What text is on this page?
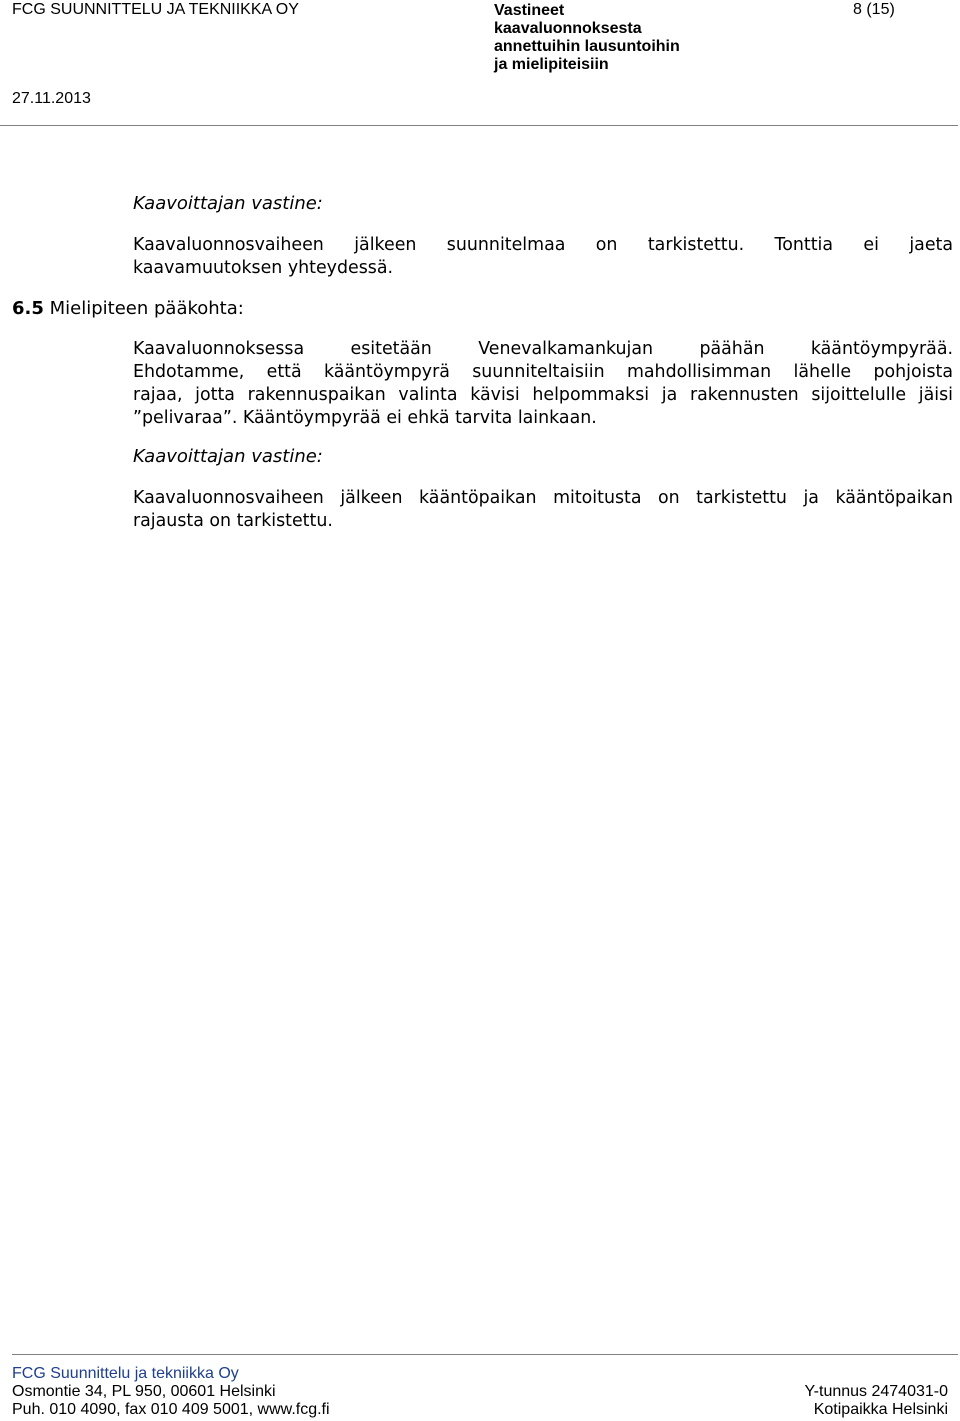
FCG SUUNNITTELU JA TEKNIIKKA OY	Vastineet
kaavaluonnoksesta
annettuihin lausuntoihin
ja mielipiteisiin
8 (15)
27.11.2013
Kaavoittajan vastine:
Kaavaluonnosvaiheen jälkeen suunnitelmaa on tarkistettu. Tonttia ei jaeta
kaavamuutoksen yhteydessä.
6.5 Mielipiteen pääkohta:
Kaavaluonnoksessa esitetään Venevalkamankujan päähän kääntöympyrää.
Ehdotamme, että kääntöympyrä suunniteltaisiin mahdollisimman lähelle pohjoista
rajaa, jotta rakennuspaikan valinta kävisi helpommaksi ja rakennusten sijoittelulle jäisi
”pelivaraa”. Kääntöympyrää ei ehkä tarvita lainkaan.
Kaavoittajan vastine:
Kaavaluonnosvaiheen jälkeen kääntöpaikan mitoitusta on tarkistettu ja kääntöpaikan
rajausta on tarkistettu.
FCG Suunnittelu ja tekniikka Oy
Osmontie 34, PL 950, 00601 Helsinki
Puh. 010 4090, fax 010 409 5001, www.fcg.fi
Y-tunnus 2474031-0
Kotipaikka Helsinki
